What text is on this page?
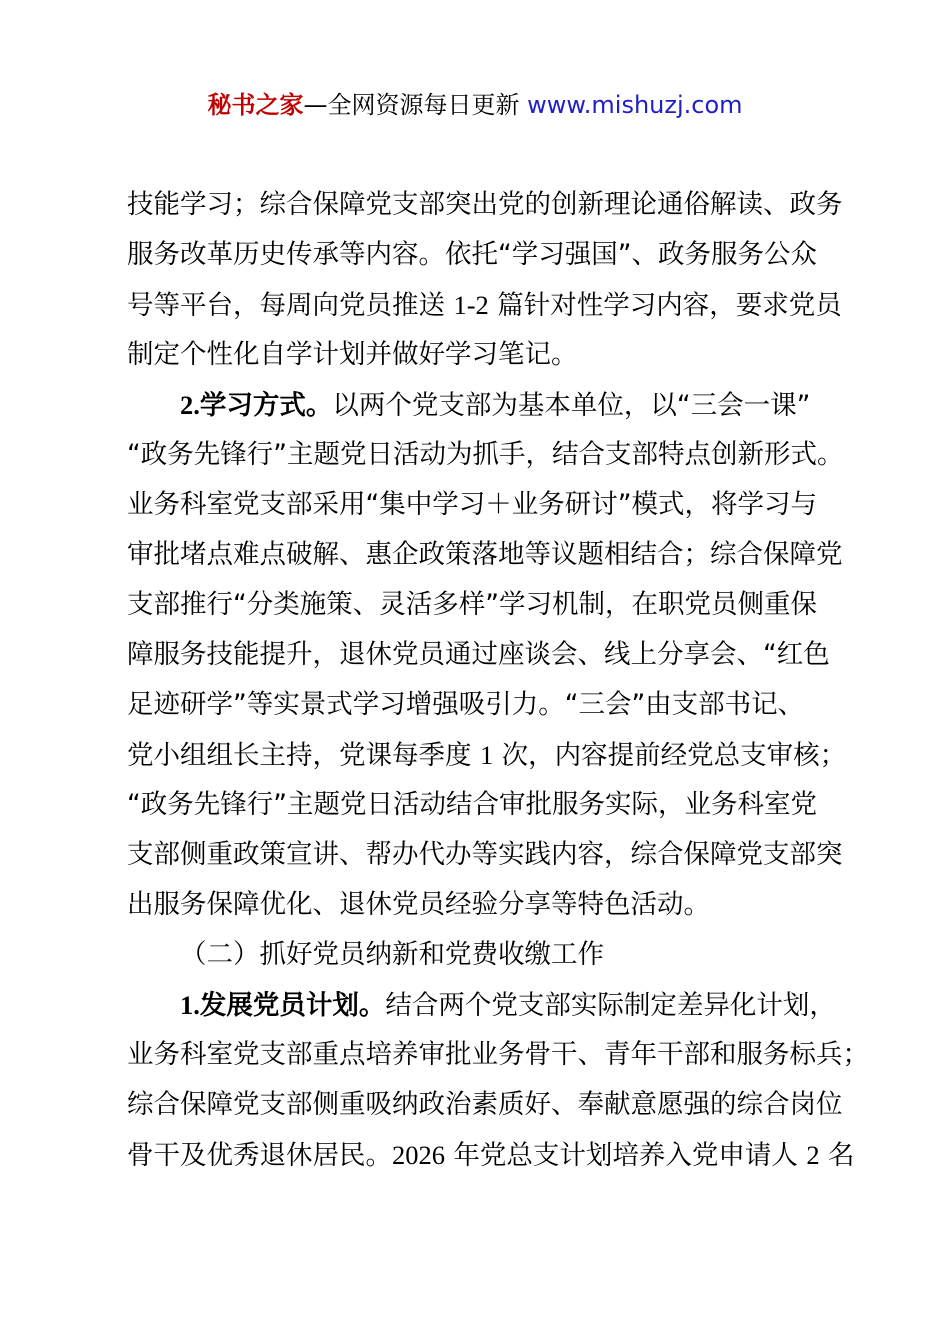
秘书之家—全网资源每日更新 www.mishuzj.com
技能学习；综合保障党支部突出党的创新理论通俗解读、政务
服务改革历史传承等内容。依托“学习强国”、政务服务公众
号等平台，每周向党员推送 1-2 篇针对性学习内容，要求党员
制定个性化自学计划并做好学习笔记。
2.学习方式。以两个党支部为基本单位，以“三会一课”
“政务先锋行”主题党日活动为抓手，结合支部特点创新形式。
业务科室党支部采用“集中学习＋业务研讨”模式，将学习与
审批堵点难点破解、惠企政策落地等议题相结合；综合保障党
支部推行“分类施策、灵活多样”学习机制，在职党员侧重保
障服务技能提升，退休党员通过座谈会、线上分享会、“红色
足迹研学”等实景式学习增强吸引力。“三会”由支部书记、
党小组组长主持，党课每季度 1 次，内容提前经党总支审核；
“政务先锋行”主题党日活动结合审批服务实际，业务科室党
支部侧重政策宣讲、帮办代办等实践内容，综合保障党支部突
出服务保障优化、退休党员经验分享等特色活动。
（二）抓好党员纳新和党费收缴工作
1.发展党员计划。结合两个党支部实际制定差异化计划，
业务科室党支部重点培养审批业务骨干、青年干部和服务标兵；
综合保障党支部侧重吸纳政治素质好、奉献意愿强的综合岗位
骨干及优秀退休居民。2026 年党总支计划培养入党申请人 2 名
